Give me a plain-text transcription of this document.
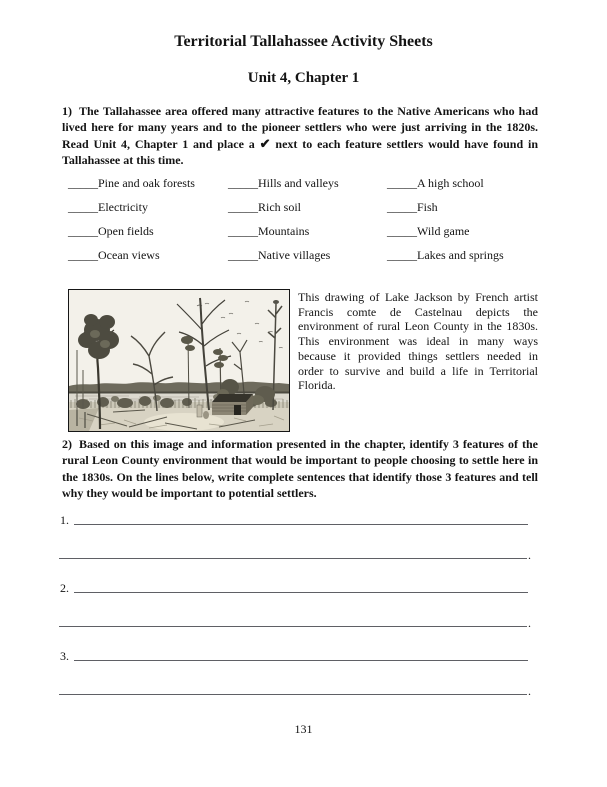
Territorial Tallahassee Activity Sheets
Unit 4, Chapter 1

1) The Tallahassee area offered many attractive features to the Native Americans who had lived here for many years and to the pioneer settlers who were just arriving in the 1820s. Read Unit 4, Chapter 1 and place a ✔ next to each feature settlers would have found in Tallahassee at this time.

_____Pine and oak forests	_____Hills and valleys	_____A high school
_____Electricity	_____Rich soil	_____Fish
_____Open fields	_____Mountains	_____Wild game
_____Ocean views	_____Native villages	_____Lakes and springs

This drawing of Lake Jackson by French artist Francis comte de Castelnau depicts the environment of rural Leon County in the 1830s. This environment was ideal in many ways because it provided things settlers needed in order to survive and build a life in Territorial Florida.

2) Based on this image and information presented in the chapter, identify 3 features of the rural Leon County environment that would be important to people choosing to settle here in the 1830s. On the lines below, write complete sentences that identify those 3 features and tell why they would be important to potential settlers.

1.
.
2.
.
3.
.
131
